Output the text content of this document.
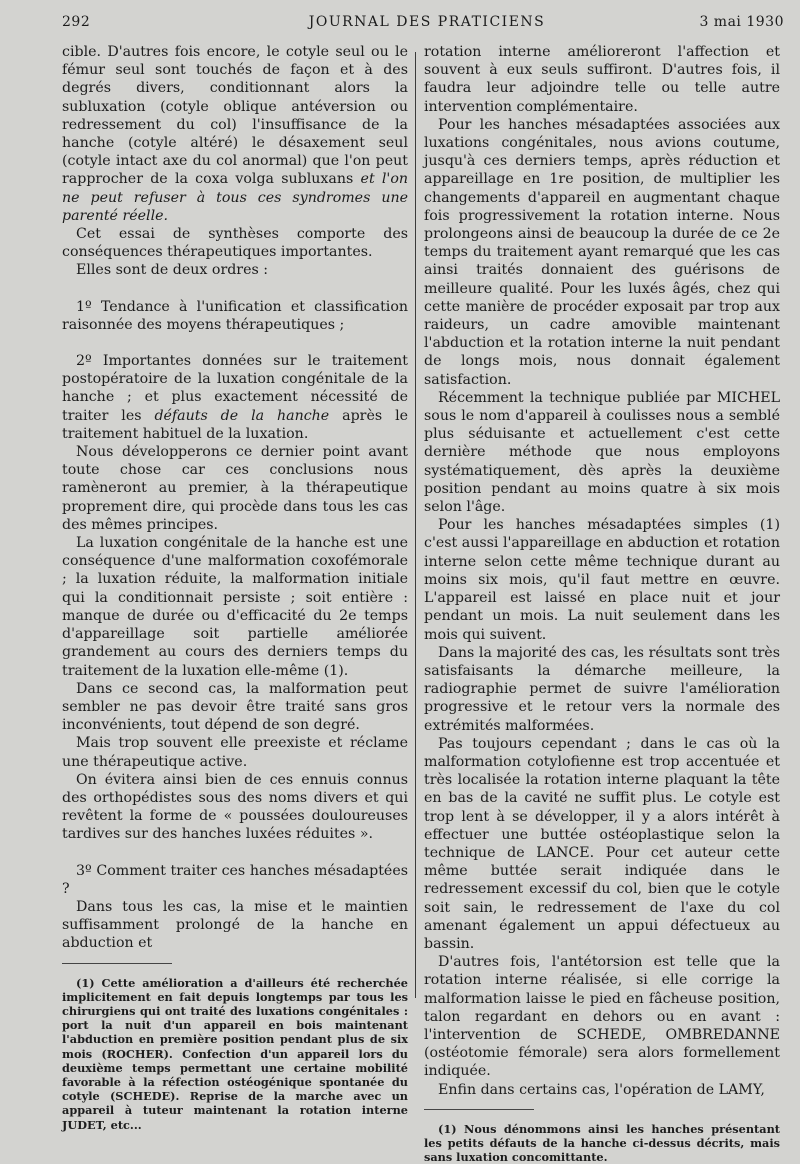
292	JOURNAL DES PRATICIENS	3 mai 1930

cible. D'autres fois encore, le cotyle seul ou le fémur seul sont touchés de façon et à des degrés divers, conditionnant alors la subluxation (cotyle oblique antéversion ou redressement du col) l'insuffisance de la hanche (cotyle altéré) le désaxement seul (cotyle intact axe du col anormal) que l'on peut rapprocher de la coxa volga subluxans et l'on ne peut refuser à tous ces syndromes une parenté réelle.

Cet essai de synthèses comporte des conséquences thérapeutiques importantes.

Elles sont de deux ordres :

1º Tendance à l'unification et classification raisonnée des moyens thérapeutiques ;

2º Importantes données sur le traitement postopératoire de la luxation congénitale de la hanche ; et plus exactement nécessité de traiter les défauts de la hanche après le traitement habituel de la luxation.

Nous développerons ce dernier point avant toute chose car ces conclusions nous ramèneront au premier, à la thérapeutique proprement dire, qui procède dans tous les cas des mêmes principes.

La luxation congénitale de la hanche est une conséquence d'une malformation coxofémorale ; la luxation réduite, la malformation initiale qui la conditionnait persiste ; soit entière : manque de durée ou d'efficacité du 2e temps d'appareillage soit partielle améliorée grandement au cours des derniers temps du traitement de la luxation elle-même (1).

Dans ce second cas, la malformation peut sembler ne pas devoir être traité sans gros inconvénients, tout dépend de son degré.

Mais trop souvent elle preexiste et réclame une thérapeutique active.

On évitera ainsi bien de ces ennuis connus des orthopédistes sous des noms divers et qui revêtent la forme de « poussées douloureuses tardives sur des hanches luxées réduites ».

3º Comment traiter ces hanches mésadaptées ?

Dans tous les cas, la mise et le maintien suffisamment prolongé de la hanche en abduction et

(1) Cette amélioration a d'ailleurs été recherchée implicitement en fait depuis longtemps par tous les chirurgiens qui ont traité des luxations congénitales : port la nuit d'un appareil en bois maintenant l'abduction en première position pendant plus de six mois (ROCHER). Confection d'un appareil lors du deuxième temps permettant une certaine mobilité favorable à la réfection ostéogénique spontanée du cotyle (SCHEDE). Reprise de la marche avec un appareil à tuteur maintenant la rotation interne JUDET, etc...

rotation interne amélioreront l'affection et souvent à eux seuls suffiront. D'autres fois, il faudra leur adjoindre telle ou telle autre intervention complémentaire.

Pour les hanches mésadaptées associées aux luxations congénitales, nous avions coutume, jusqu'à ces derniers temps, après réduction et appareillage en 1re position, de multiplier les changements d'appareil en augmentant chaque fois progressivement la rotation interne. Nous prolongeons ainsi de beaucoup la durée de ce 2e temps du traitement ayant remarqué que les cas ainsi traités donnaient des guérisons de meilleure qualité. Pour les luxés âgés, chez qui cette manière de procéder exposait par trop aux raideurs, un cadre amovible maintenant l'abduction et la rotation interne la nuit pendant de longs mois, nous donnait également satisfaction.

Récemment la technique publiée par MICHEL sous le nom d'appareil à coulisses nous a semblé plus séduisante et actuellement c'est cette dernière méthode que nous employons systématiquement, dès après la deuxième position pendant au moins quatre à six mois selon l'âge.

Pour les hanches mésadaptées simples (1) c'est aussi l'appareillage en abduction et rotation interne selon cette même technique durant au moins six mois, qu'il faut mettre en œuvre. L'appareil est laissé en place nuit et jour pendant un mois. La nuit seulement dans les mois qui suivent.

Dans la majorité des cas, les résultats sont très satisfaisants la démarche meilleure, la radiographie permet de suivre l'amélioration progressive et le retour vers la normale des extrémités malformées.

Pas toujours cependant ; dans le cas où la malformation cotylofienne est trop accentuée et très localisée la rotation interne plaquant la tête en bas de la cavité ne suffit plus. Le cotyle est trop lent à se développer, il y a alors intérêt à effectuer une buttée ostéoplastique selon la technique de LANCE. Pour cet auteur cette même buttée serait indiquée dans le redressement excessif du col, bien que le cotyle soit sain, le redressement de l'axe du col amenant également un appui défectueux au bassin.

D'autres fois, l'antétorsion est telle que la rotation interne réalisée, si elle corrige la malformation laisse le pied en fâcheuse position, talon regardant en dehors ou en avant : l'intervention de SCHEDE, OMBREDANNE (ostéotomie fémorale) sera alors formellement indiquée.

Enfin dans certains cas, l'opération de LAMY,

(1) Nous dénommons ainsi les hanches présentant les petits défauts de la hanche ci-dessus décrits, mais sans luxation concomittante.
